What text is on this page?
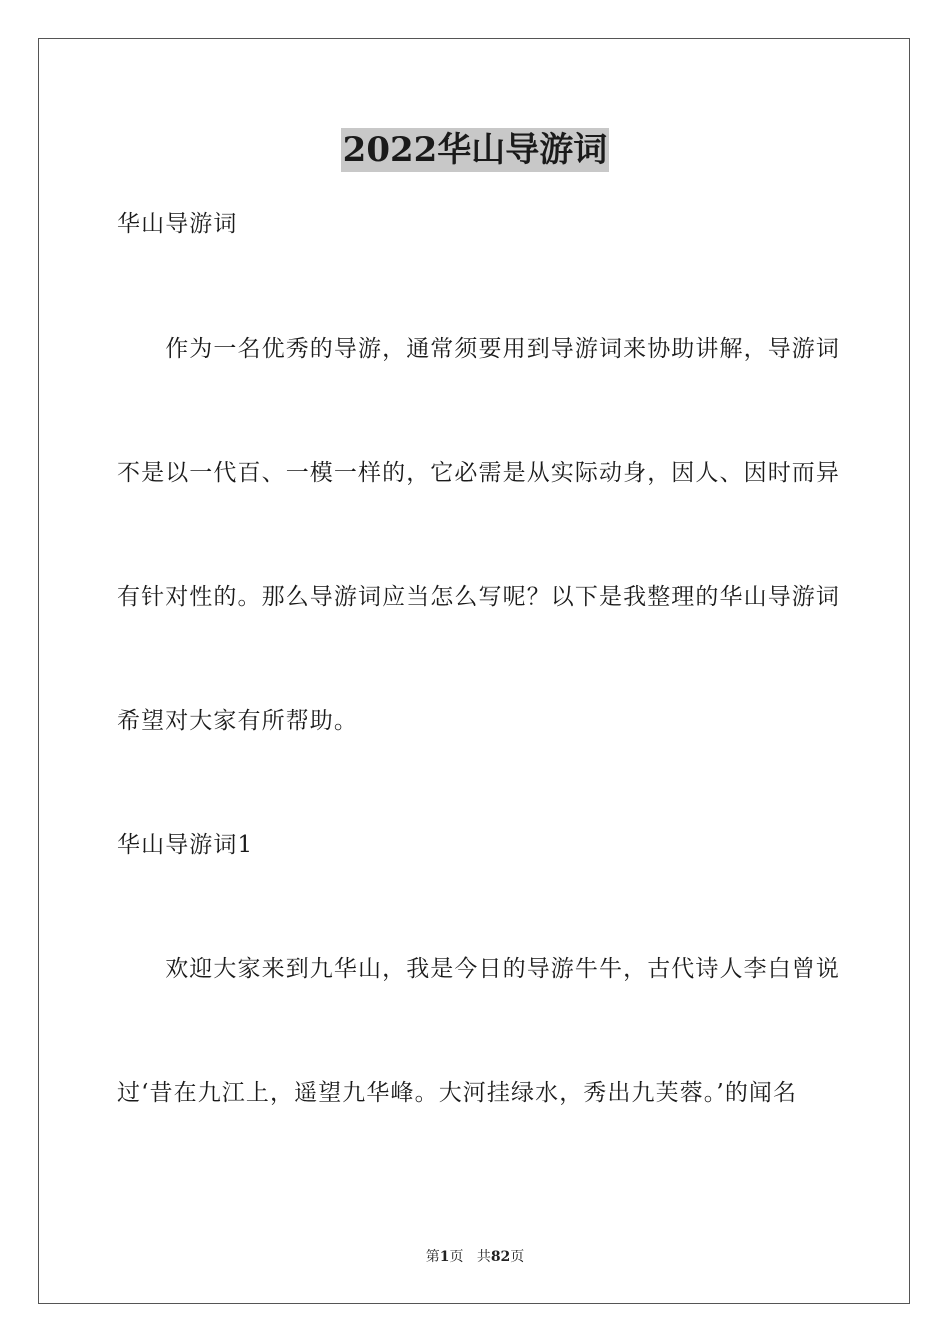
2022华山导游词
华山导游词
　　作为一名优秀的导游，通常须要用到导游词来协助讲解，导游词
不是以一代百、一模一样的，它必需是从实际动身，因人、因时而异
有针对性的。那么导游词应当怎么写呢？以下是我整理的华山导游词
希望对大家有所帮助。
华山导游词1
　　欢迎大家来到九华山，我是今日的导游牛牛，古代诗人李白曾说
过‘昔在九江上，遥望九华峰。大河挂绿水，秀出九芙蓉。’的闻名
第1页 共82页
